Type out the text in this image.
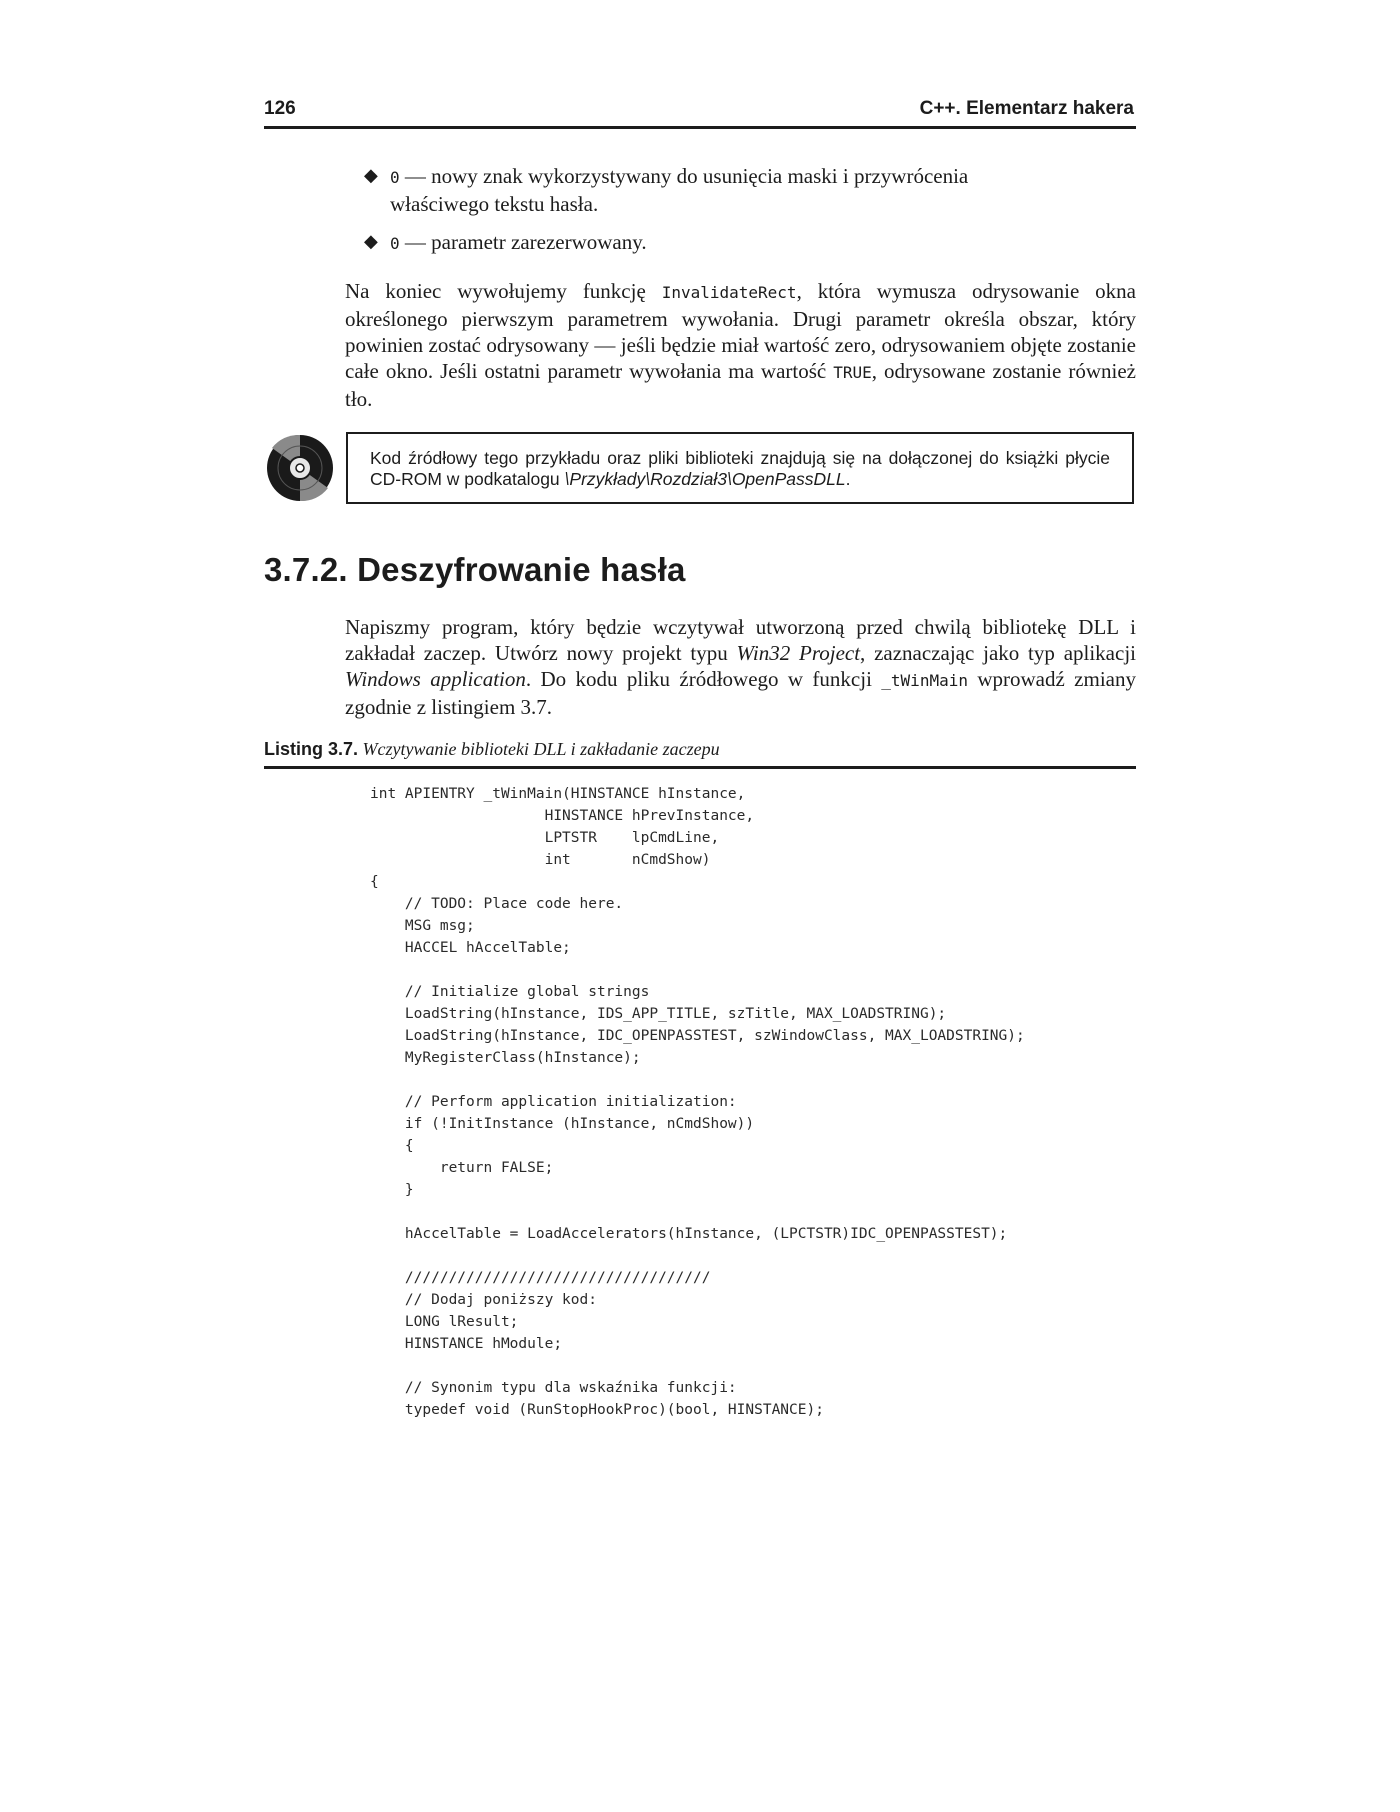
126	C++. Elementarz hakera
◆ 0 — nowy znak wykorzystywany do usunięcia maski i przywrócenia właściwego tekstu hasła.
◆ 0 — parametr zarezerwowany.
Na koniec wywołujemy funkcję InvalidateRect, która wymusza odrysowanie okna określonego pierwszym parametrem wywołania. Drugi parametr określa obszar, który powinien zostać odrysowany — jeśli będzie miał wartość zero, odrysowaniem objęte zostanie całe okno. Jeśli ostatni parametr wywołania ma wartość TRUE, odrysowane zostanie również tło.
Kod źródłowy tego przykładu oraz pliki biblioteki znajdują się na dołączonej do książki płycie CD-ROM w podkatalogu \Przykłady\Rozdział3\OpenPassDLL.
3.7.2. Deszyfrowanie hasła
Napiszmy program, który będzie wczytywał utworzoną przed chwilą bibliotekę DLL i zakładał zaczep. Utwórz nowy projekt typu Win32 Project, zaznaczając jako typ aplikacji Windows application. Do kodu pliku źródłowego w funkcji _tWinMain wprowadź zmiany zgodnie z listingiem 3.7.
Listing 3.7. Wczytywanie biblioteki DLL i zakładanie zaczepu
int APIENTRY _tWinMain(HINSTANCE hInstance,
HINSTANCE hPrevInstance,
LPTSTR    lpCmdLine,
int       nCmdShow)
{
// TODO: Place code here.
MSG msg;
HACCEL hAccelTable;
// Initialize global strings
LoadString(hInstance, IDS_APP_TITLE, szTitle, MAX_LOADSTRING);
LoadString(hInstance, IDC_OPENPASSTEST, szWindowClass, MAX_LOADSTRING);
MyRegisterClass(hInstance);
// Perform application initialization:
if (!InitInstance (hInstance, nCmdShow))
{
return FALSE;
}
hAccelTable = LoadAccelerators(hInstance, (LPCTSTR)IDC_OPENPASSTEST);
///////////////////////////////////
// Dodaj poniższy kod:
LONG lResult;
HINSTANCE hModule;
// Synonim typu dla wskaźnika funkcji:
typedef void (RunStopHookProc)(bool, HINSTANCE);
